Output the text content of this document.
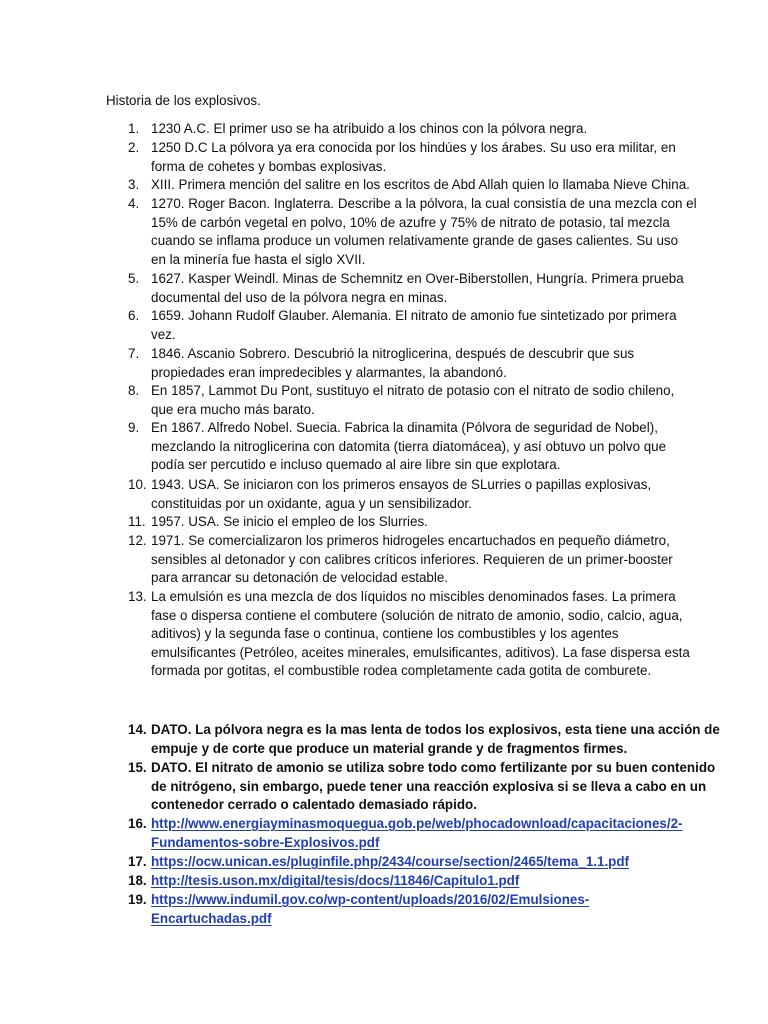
Historia de los explosivos.
1. 1230 A.C. El primer uso se ha atribuido a los chinos con la pólvora negra.
2. 1250 D.C La pólvora ya era conocida por los hindúes y los árabes. Su uso era militar, en
forma de cohetes y bombas explosivas.
3. XIII. Primera mención del salitre en los escritos de Abd Allah quien lo llamaba Nieve China.
4. 1270. Roger Bacon. Inglaterra. Describe a la pólvora, la cual consistía de una mezcla con el
15% de carbón vegetal en polvo, 10% de azufre y 75% de nitrato de potasio, tal mezcla
cuando se inflama produce un volumen relativamente grande de gases calientes. Su uso
en la minería fue hasta el siglo XVII.
5. 1627. Kasper Weindl. Minas de Schemnitz en Over-Biberstollen, Hungría. Primera prueba
documental del uso de la pólvora negra en minas.
6. 1659. Johann Rudolf Glauber. Alemania. El nitrato de amonio fue sintetizado por primera
vez.
7. 1846. Ascanio Sobrero. Descubrió la nitroglicerina, después de descubrir que sus
propiedades eran impredecibles y alarmantes, la abandonó.
8. En 1857, Lammot Du Pont, sustituyo el nitrato de potasio con el nitrato de sodio chileno,
que era mucho más barato.
9. En 1867. Alfredo Nobel. Suecia. Fabrica la dinamita (Pólvora de seguridad de Nobel),
mezclando la nitroglicerina con datomita (tierra diatomácea), y así obtuvo un polvo que
podía ser percutido e incluso quemado al aire libre sin que explotara.
10. 1943. USA. Se iniciaron con los primeros ensayos de SLurries o papillas explosivas,
constituidas por un oxidante, agua y un sensibilizador.
11. 1957. USA. Se inicio el empleo de los Slurries.
12. 1971. Se comercializaron los primeros hidrogeles encartuchados en pequeño diámetro,
sensibles al detonador y con calibres críticos inferiores. Requieren de un primer-booster
para arrancar su detonación de velocidad estable.
13. La emulsión es una mezcla de dos líquidos no miscibles denominados fases. La primera
fase o dispersa contiene el combutere (solución de nitrato de amonio, sodio, calcio, agua,
aditivos) y la segunda fase o continua, contiene los combustibles y los agentes
emulsificantes (Petróleo, aceites minerales, emulsificantes, aditivos). La fase dispersa esta
formada por gotitas, el combustible rodea completamente cada gotita de comburete.
14. DATO. La pólvora negra es la mas lenta de todos los explosivos, esta tiene una acción de
empuje y de corte que produce un material grande y de fragmentos firmes.
15. DATO. El nitrato de amonio se utiliza sobre todo como fertilizante por su buen contenido
de nitrógeno, sin embargo, puede tener una reacción explosiva si se lleva a cabo en un
contenedor cerrado o calentado demasiado rápido.
16. http://www.energiayminasmoquegua.gob.pe/web/phocadownload/capacitaciones/2-
Fundamentos-sobre-Explosivos.pdf
17. https://ocw.unican.es/pluginfile.php/2434/course/section/2465/tema_1.1.pdf
18. http://tesis.uson.mx/digital/tesis/docs/11846/Capitulo1.pdf
19. https://www.indumil.gov.co/wp-content/uploads/2016/02/Emulsiones-
Encartuchadas.pdf
